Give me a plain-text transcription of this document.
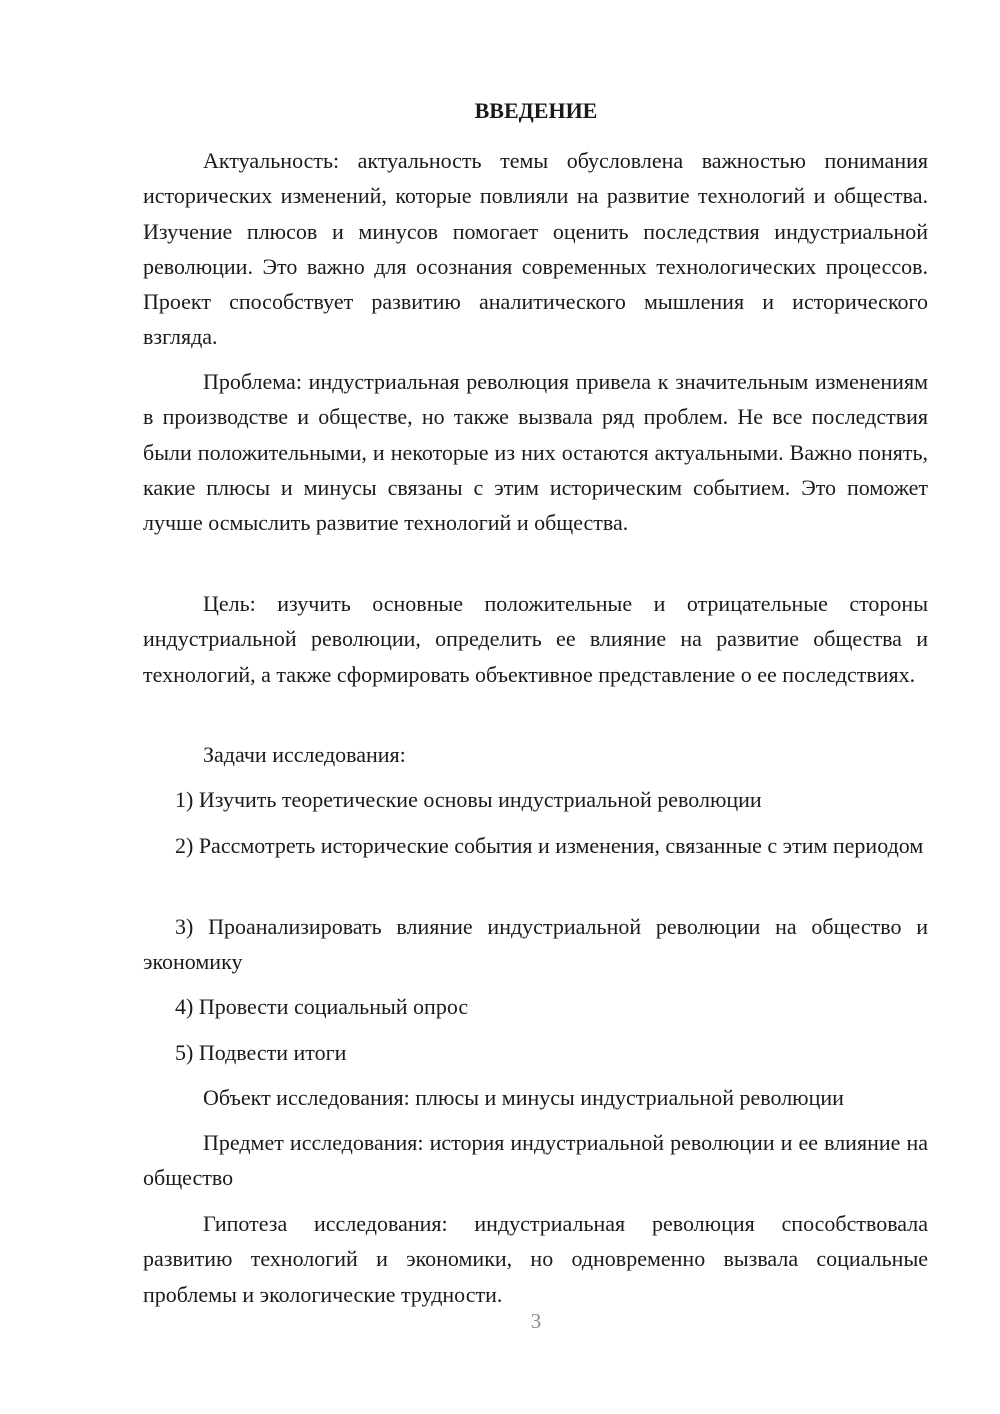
ВВЕДЕНИЕ

Актуальность: актуальность темы обусловлена важностью понимания исторических изменений, которые повлияли на развитие технологий и общества. Изучение плюсов и минусов помогает оценить последствия индустриальной революции. Это важно для осознания современных технологических процессов. Проект способствует развитию аналитического мышления и исторического взгляда.

Проблема: индустриальная революция привела к значительным изменениям в производстве и обществе, но также вызвала ряд проблем. Не все последствия были положительными, и некоторые из них остаются актуальными. Важно понять, какие плюсы и минусы связаны с этим историческим событием. Это поможет лучше осмыслить развитие технологий и общества.

Цель: изучить основные положительные и отрицательные стороны индустриальной революции, определить ее влияние на развитие общества и технологий, а также сформировать объективное представление о ее последствиях.

Задачи исследования:

1) Изучить теоретические основы индустриальной революции

2) Рассмотреть исторические события и изменения, связанные с этим периодом

3) Проанализировать влияние индустриальной революции на общество и экономику

4) Провести социальный опрос

5) Подвести итоги

Объект исследования: плюсы и минусы индустриальной революции

Предмет исследования: история индустриальной революции и ее влияние на общество

Гипотеза исследования: индустриальная революция способствовала развитию технологий и экономики, но одновременно вызвала социальные проблемы и экологические трудности.

3
